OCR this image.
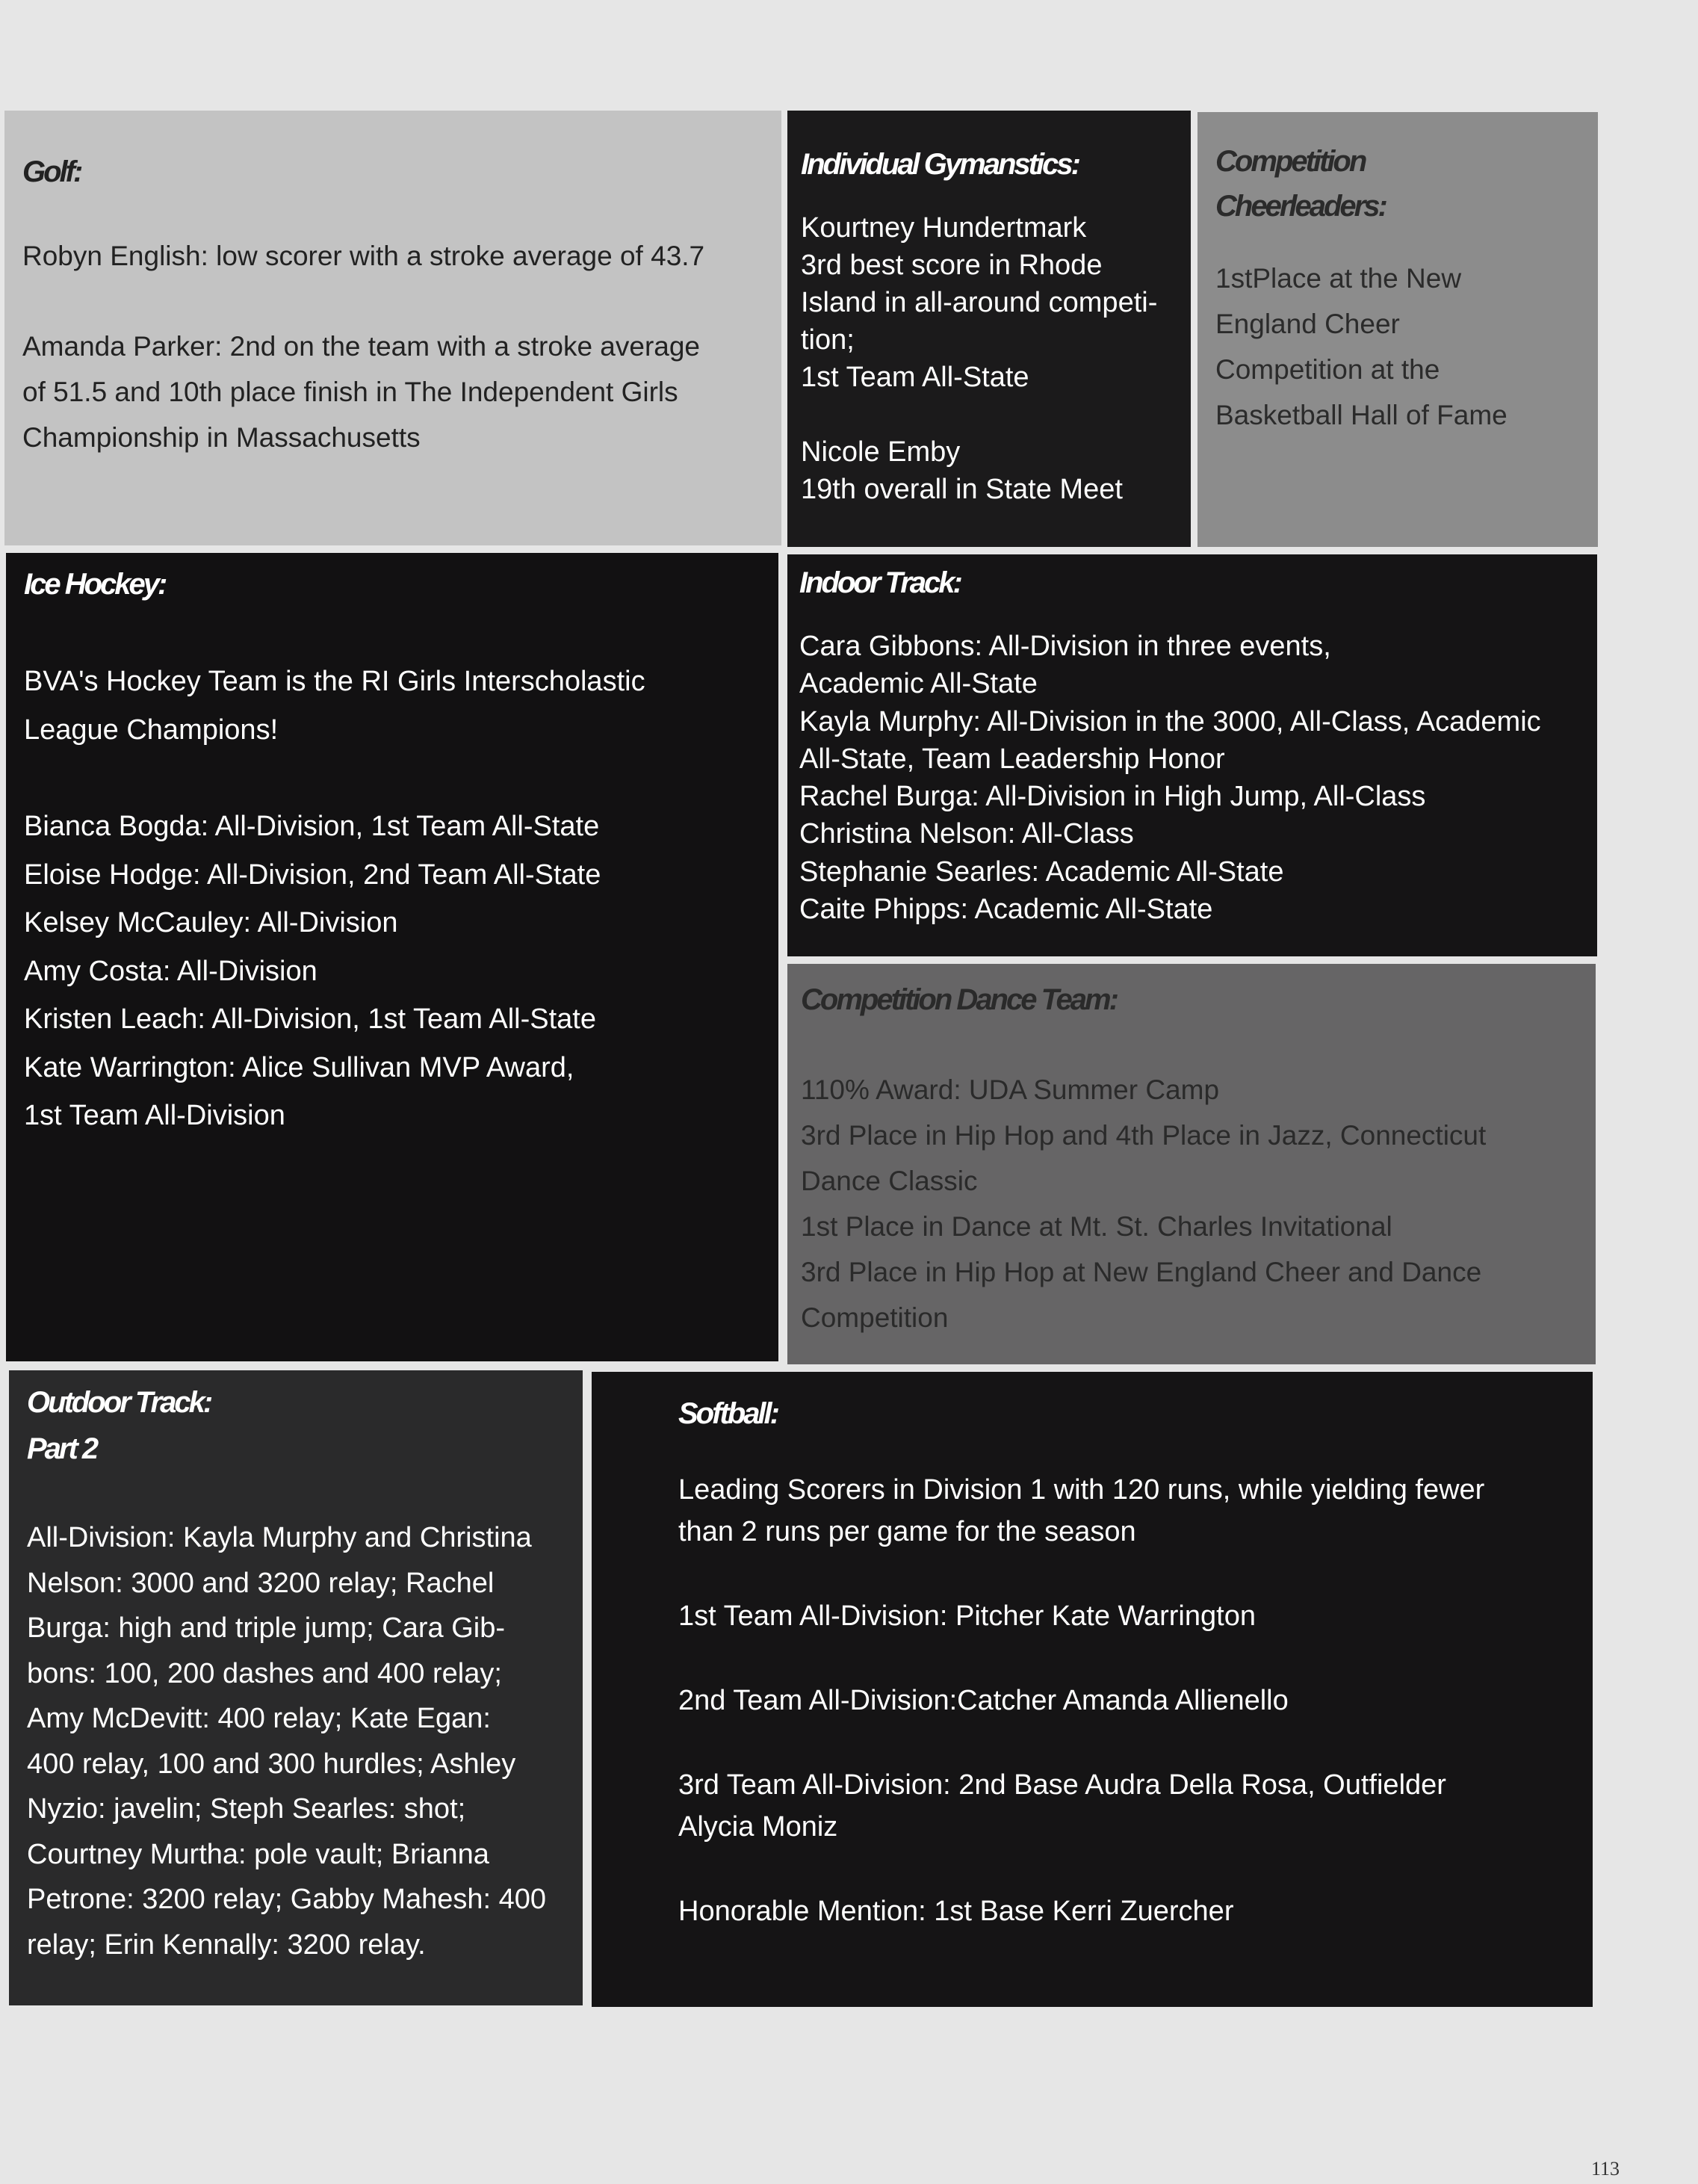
Golf:

Robyn English: low scorer with a stroke average of 43.7

Amanda Parker: 2nd on the team with a stroke average
of 51.5 and 10th place finish in The Independent Girls
Championship in Massachusetts

Individual Gymanstics:

Kourtney Hundertmark
3rd best score in Rhode
Island in all-around competi-
tion;
1st Team All-State

Nicole Emby
19th overall in State Meet

Competition
Cheerleaders:

1stPlace at the New
England Cheer
Competition at the
Basketball Hall of Fame

Ice Hockey:

BVA's Hockey Team is the RI Girls Interscholastic
League Champions!

Bianca Bogda: All-Division, 1st Team All-State
Eloise Hodge: All-Division, 2nd Team All-State
Kelsey McCauley: All-Division
Amy Costa: All-Division
Kristen Leach: All-Division, 1st Team All-State
Kate Warrington: Alice Sullivan MVP Award,
1st Team All-Division

Indoor Track:

Cara Gibbons: All-Division in three events,
Academic All-State
Kayla Murphy: All-Division in the 3000, All-Class, Academic
All-State, Team Leadership Honor
Rachel Burga: All-Division in High Jump, All-Class
Christina Nelson: All-Class
Stephanie Searles: Academic All-State
Caite Phipps: Academic All-State

Competition Dance Team:

110% Award: UDA Summer Camp
3rd Place in Hip Hop and 4th Place in Jazz, Connecticut
Dance Classic
1st Place in Dance at Mt. St. Charles Invitational
3rd Place in Hip Hop at New England Cheer and Dance
Competition

Outdoor Track:
Part 2

All-Division: Kayla Murphy and Christina
Nelson: 3000 and 3200 relay; Rachel
Burga: high and triple jump; Cara Gib-
bons: 100, 200 dashes and 400 relay;
Amy McDevitt: 400 relay; Kate Egan:
400 relay, 100 and 300 hurdles; Ashley
Nyzio: javelin; Steph Searles: shot;
Courtney Murtha: pole vault; Brianna
Petrone: 3200 relay; Gabby Mahesh: 400
relay; Erin Kennally: 3200 relay.

Softball:

Leading Scorers in Division 1 with 120 runs, while yielding fewer
than 2 runs per game for the season

1st Team All-Division: Pitcher Kate Warrington

2nd Team All-Division:Catcher Amanda Allienello

3rd Team All-Division: 2nd Base Audra Della Rosa, Outfielder
Alycia Moniz

Honorable Mention: 1st Base Kerri Zuercher

113
